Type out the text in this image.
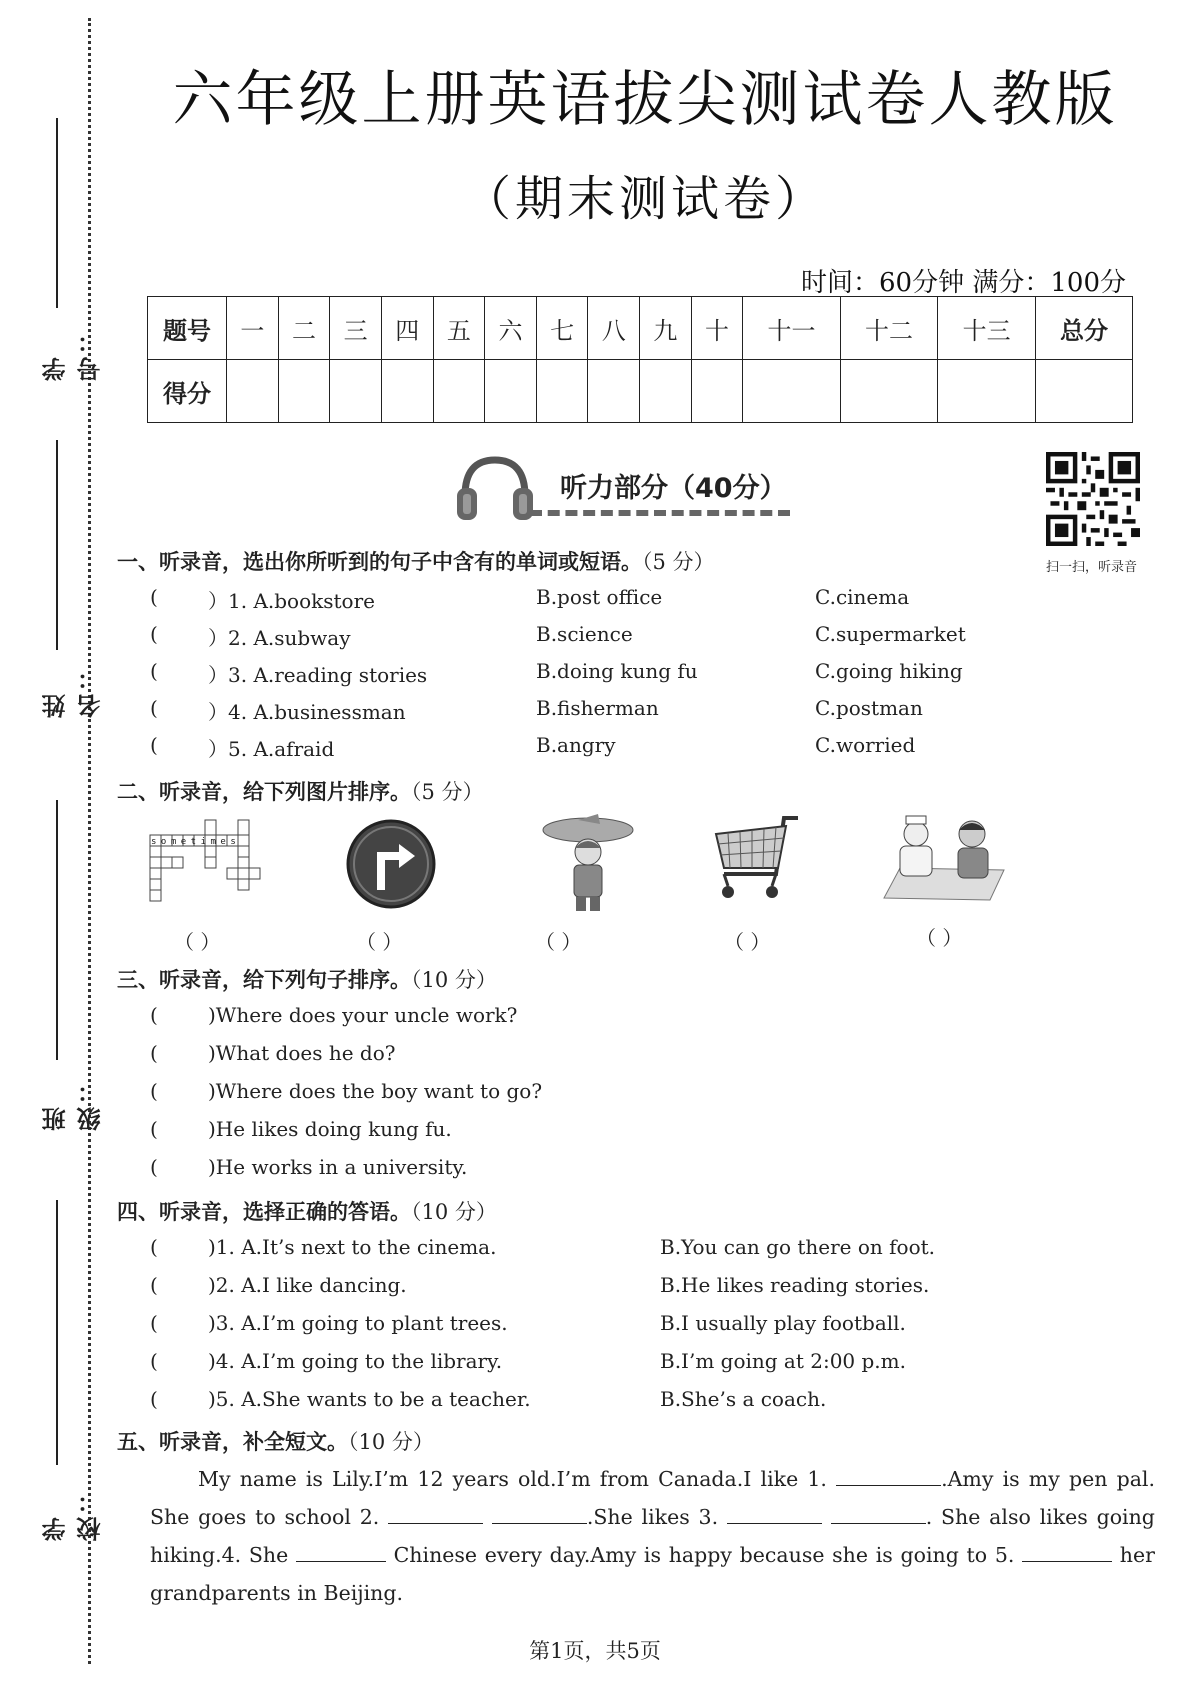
学号：
姓名：
班级：
学校：
六年级上册英语拔尖测试卷人教版
（期末测试卷）
时间：60分钟 满分：100分
题号	一	二	三	四	五	六	七	八	九	十	十一	十二	十三	总分
得分														
听力部分（40分）
扫一扫，听录音
一、听录音，选出你所听到的句子中含有的单词或短语。（5 分）
(	）1. A.bookstore	B.post office	C.cinema
(	）2. A.subway	B.science	C.supermarket
(	）3. A.reading stories	B.doing kung fu	C.going hiking
(	）4. A.businessman	B.fisherman	C.postman
(	）5. A.afraid	B.angry	C.worried
二、听录音，给下列图片排序。（5 分）
sometimes
（ ）	（ ）	（ ）	（ ）	（ ）
三、听录音，给下列句子排序。（10 分）
(	)Where does your uncle work?
(	)What does he do?
(	)Where does the boy want to go?
(	)He likes doing kung fu.
(	)He works in a university.
四、听录音，选择正确的答语。（10 分）
(	)1. A.It’s next to the cinema.	B.You can go there on foot.
(	)2. A.I like dancing.	B.He likes reading stories.
(	)3. A.I’m going to plant trees.	B.I usually play football.
(	)4. A.I’m going to the library.	B.I’m going at 2:00 p.m.
(	)5. A.She wants to be a teacher.	B.She’s a coach.
五、听录音，补全短文。（10 分）
My name is Lily.I’m 12 years old.I’m from Canada.I like 1.	.Amy is my pen pal. She goes to school 2.	.She likes 3.	. She also likes going hiking.4. She	Chinese every day.Amy is happy because she is going to 5.	her grandparents in Beijing.
第1页，共5页
